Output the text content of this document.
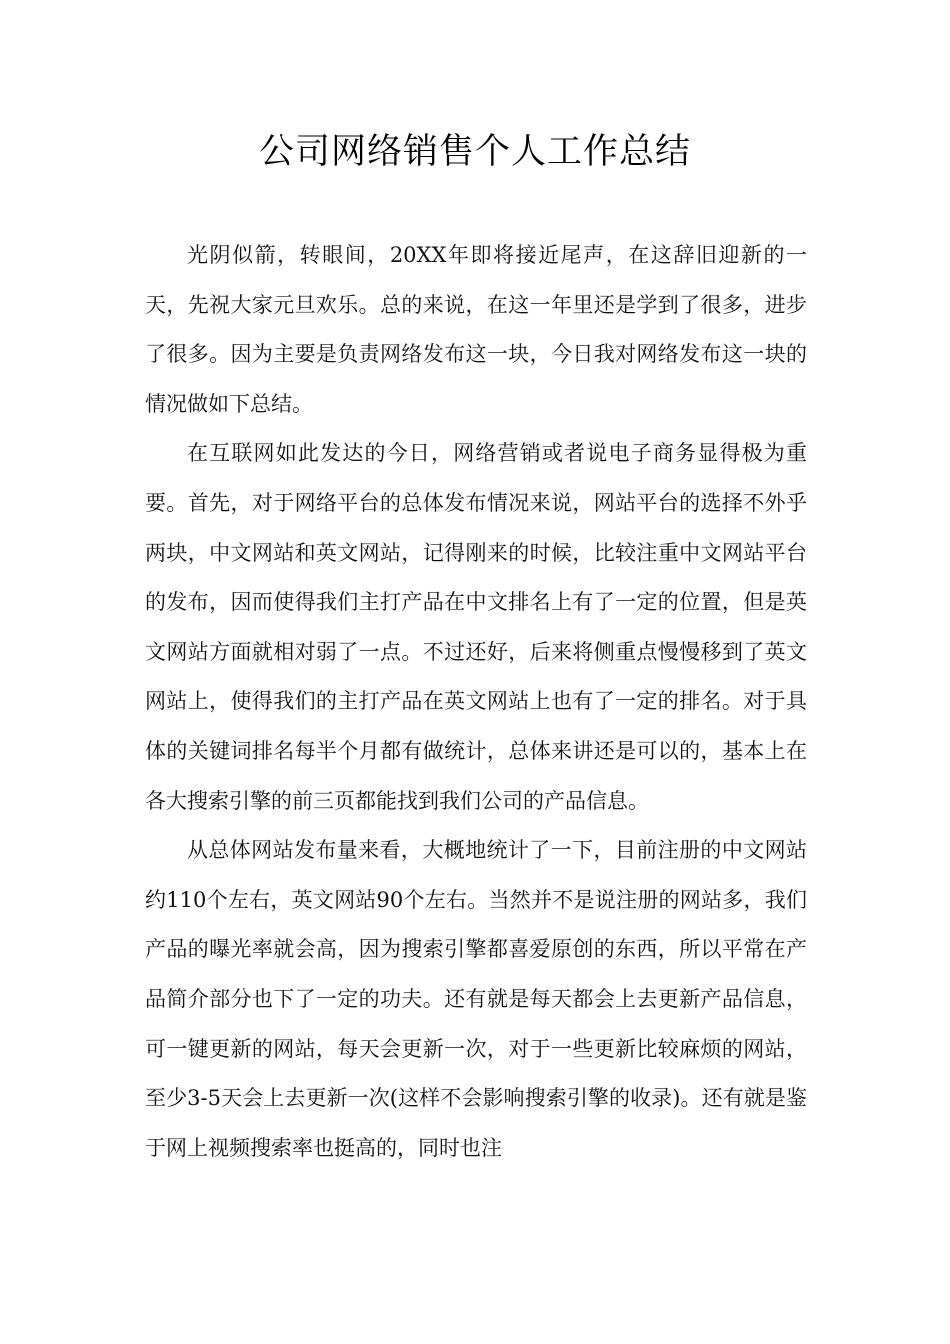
公司网络销售个人工作总结

光阴似箭，转眼间，20XX年即将接近尾声，在这辞旧迎新的一天，先祝大家元旦欢乐。总的来说，在这一年里还是学到了很多，进步了很多。因为主要是负责网络发布这一块，今日我对网络发布这一块的情况做如下总结。

在互联网如此发达的今日，网络营销或者说电子商务显得极为重要。首先，对于网络平台的总体发布情况来说，网站平台的选择不外乎两块，中文网站和英文网站，记得刚来的时候，比较注重中文网站平台的发布，因而使得我们主打产品在中文排名上有了一定的位置，但是英文网站方面就相对弱了一点。不过还好，后来将侧重点慢慢移到了英文网站上，使得我们的主打产品在英文网站上也有了一定的排名。对于具体的关键词排名每半个月都有做统计，总体来讲还是可以的，基本上在各大搜索引擎的前三页都能找到我们公司的产品信息。

从总体网站发布量来看，大概地统计了一下，目前注册的中文网站约110个左右，英文网站90个左右。当然并不是说注册的网站多，我们产品的曝光率就会高，因为搜索引擎都喜爱原创的东西，所以平常在产品简介部分也下了一定的功夫。还有就是每天都会上去更新产品信息，可一键更新的网站，每天会更新一次，对于一些更新比较麻烦的网站，至少3-5天会上去更新一次(这样不会影响搜索引擎的收录)。还有就是鉴于网上视频搜索率也挺高的，同时也注
